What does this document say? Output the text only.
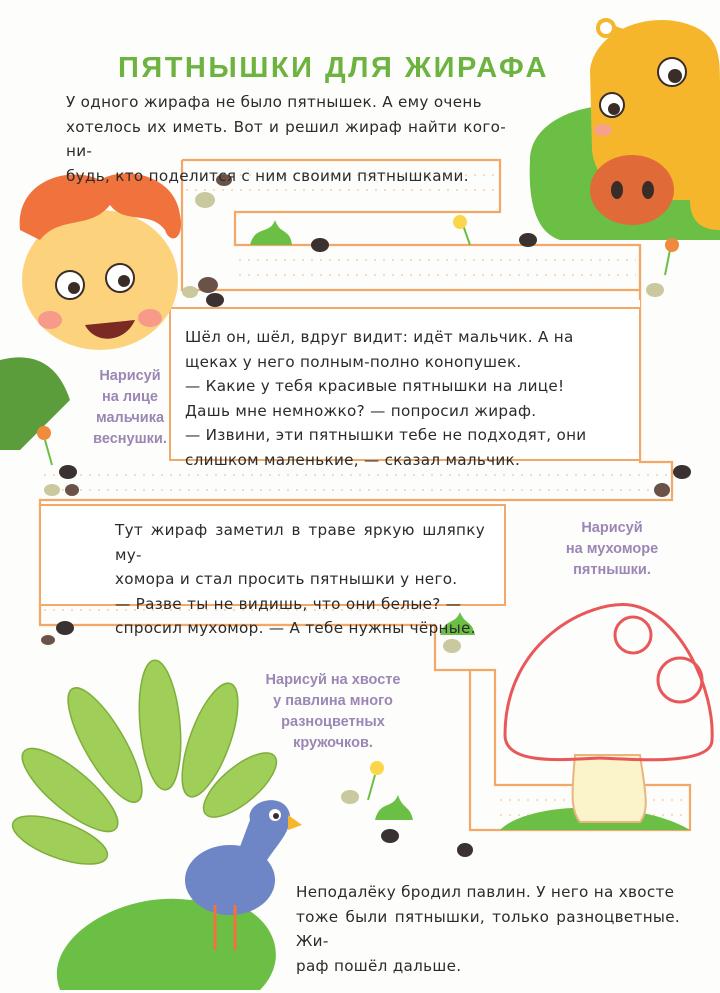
ПЯТНЫШКИ ДЛЯ ЖИРАФА

У одного жирафа не было пятнышек. А ему очень

хотелось их иметь. Вот и решил жираф найти кого-ни-

будь, кто поделится с ним своими пятнышками.

Шёл он, шёл, вдруг видит: идёт мальчик. А на

щеках у него полным-полно конопушек.

— Какие у тебя красивые пятнышки на лице!

Дашь мне немножко? — попросил жираф.

— Извини, эти пятнышки тебе не подходят, они

слишком маленькие, — сказал мальчик.

Тут жираф заметил в траве яркую шляпку му-

хомора и стал просить пятнышки у него.

— Разве ты не видишь, что они белые? —

спросил мухомор. — А тебе нужны чёрные.

Неподалёку бродил павлин. У него на хвосте

тоже были пятнышки, только разноцветные. Жи-

раф пошёл дальше.

Нарисуй
на лице
мальчика
веснушки.
Нарисуй
на мухоморе
пятнышки.
Нарисуй на хвосте
у павлина много
разноцветных
кружочков.
